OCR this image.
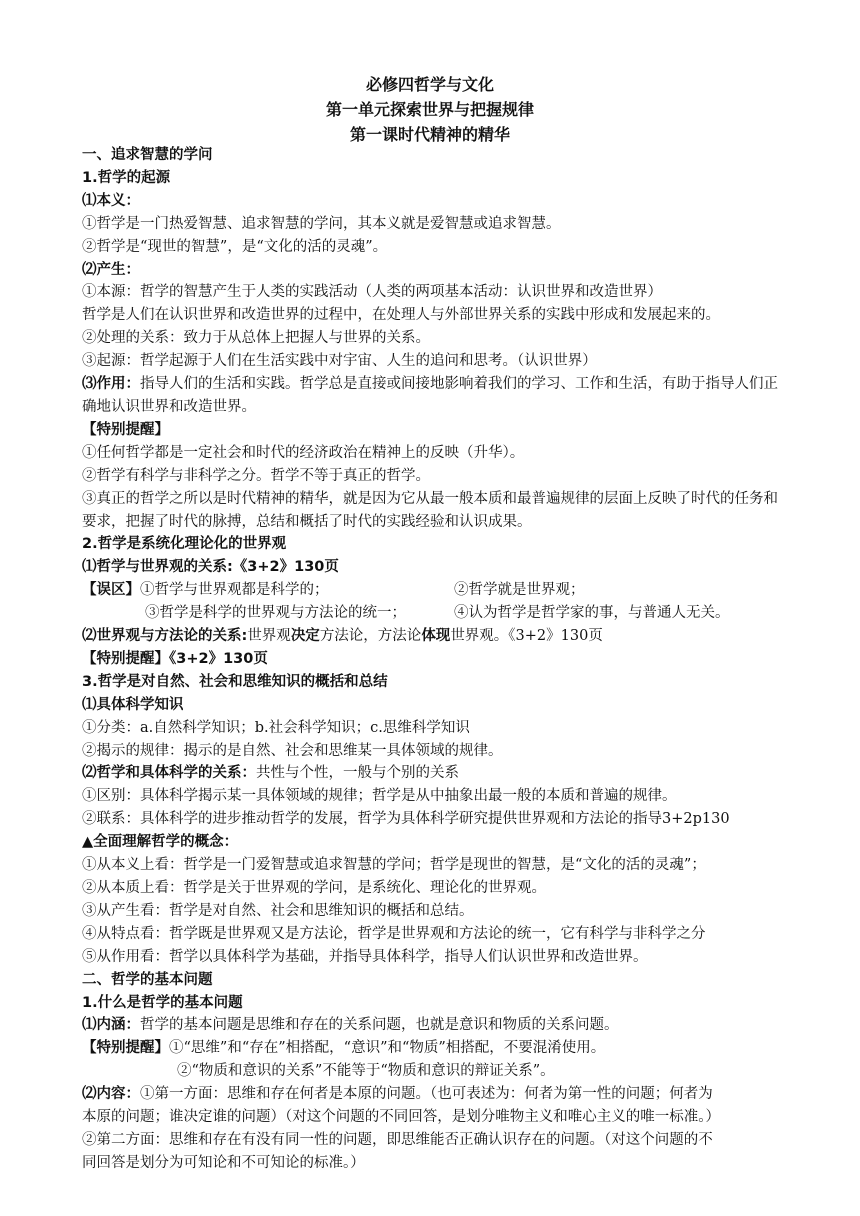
必修四哲学与文化
第一单元探索世界与把握规律
第一课时代精神的精华
一、追求智慧的学问
1.哲学的起源
⑴本义：
①哲学是一门热爱智慧、追求智慧的学问，其本义就是爱智慧或追求智慧。
②哲学是“现世的智慧”，是“文化的活的灵魂”。
⑵产生：
①本源：哲学的智慧产生于人类的实践活动（人类的两项基本活动：认识世界和改造世界）
哲学是人们在认识世界和改造世界的过程中，在处理人与外部世界关系的实践中形成和发展起来的。
②处理的关系：致力于从总体上把握人与世界的关系。
③起源：哲学起源于人们在生活实践中对宇宙、人生的追问和思考。（认识世界）
⑶作用：指导人们的生活和实践。哲学总是直接或间接地影响着我们的学习、工作和生活，有助于指导人们正确地认识世界和改造世界。
【特别提醒】
①任何哲学都是一定社会和时代的经济政治在精神上的反映（升华）。
②哲学有科学与非科学之分。哲学不等于真正的哲学。
③真正的哲学之所以是时代精神的精华，就是因为它从最一般本质和最普遍规律的层面上反映了时代的任务和要求，把握了时代的脉搏，总结和概括了时代的实践经验和认识成果。
2.哲学是系统化理论化的世界观
⑴哲学与世界观的关系:《3+2》130页
【误区】①哲学与世界观都是科学的；	②哲学就是世界观；
③哲学是科学的世界观与方法论的统一；	④认为哲学是哲学家的事，与普通人无关。
⑵世界观与方法论的关系:世界观决定方法论，方法论体现世界观。《3+2》130页
【特别提醒】《3+2》130页
3.哲学是对自然、社会和思维知识的概括和总结
⑴具体科学知识
①分类：a.自然科学知识；b.社会科学知识；c.思维科学知识
②揭示的规律：揭示的是自然、社会和思维某一具体领域的规律。
⑵哲学和具体科学的关系：共性与个性，一般与个别的关系
①区别：具体科学揭示某一具体领域的规律；哲学是从中抽象出最一般的本质和普遍的规律。
②联系：具体科学的进步推动哲学的发展，哲学为具体科学研究提供世界观和方法论的指导3+2p130
▲全面理解哲学的概念：
①从本义上看：哲学是一门爱智慧或追求智慧的学问；哲学是现世的智慧，是“文化的活的灵魂”；
②从本质上看：哲学是关于世界观的学问，是系统化、理论化的世界观。
③从产生看：哲学是对自然、社会和思维知识的概括和总结。
④从特点看：哲学既是世界观又是方法论，哲学是世界观和方法论的统一，它有科学与非科学之分
⑤从作用看：哲学以具体科学为基础，并指导具体科学，指导人们认识世界和改造世界。
二、哲学的基本问题
1.什么是哲学的基本问题
⑴内涵：哲学的基本问题是思维和存在的关系问题，也就是意识和物质的关系问题。
【特别提醒】①“思维”和“存在”相搭配，“意识”和“物质”相搭配，不要混淆使用。
②“物质和意识的关系”不能等于“物质和意识的辩证关系”。
⑵内容：①第一方面：思维和存在何者是本原的问题。（也可表述为：何者为第一性的问题；何者为
本原的问题；谁决定谁的问题）（对这个问题的不同回答，是划分唯物主义和唯心主义的唯一标准。）
②第二方面：思维和存在有没有同一性的问题，即思维能否正确认识存在的问题。（对这个问题的不
同回答是划分为可知论和不可知论的标准。）
